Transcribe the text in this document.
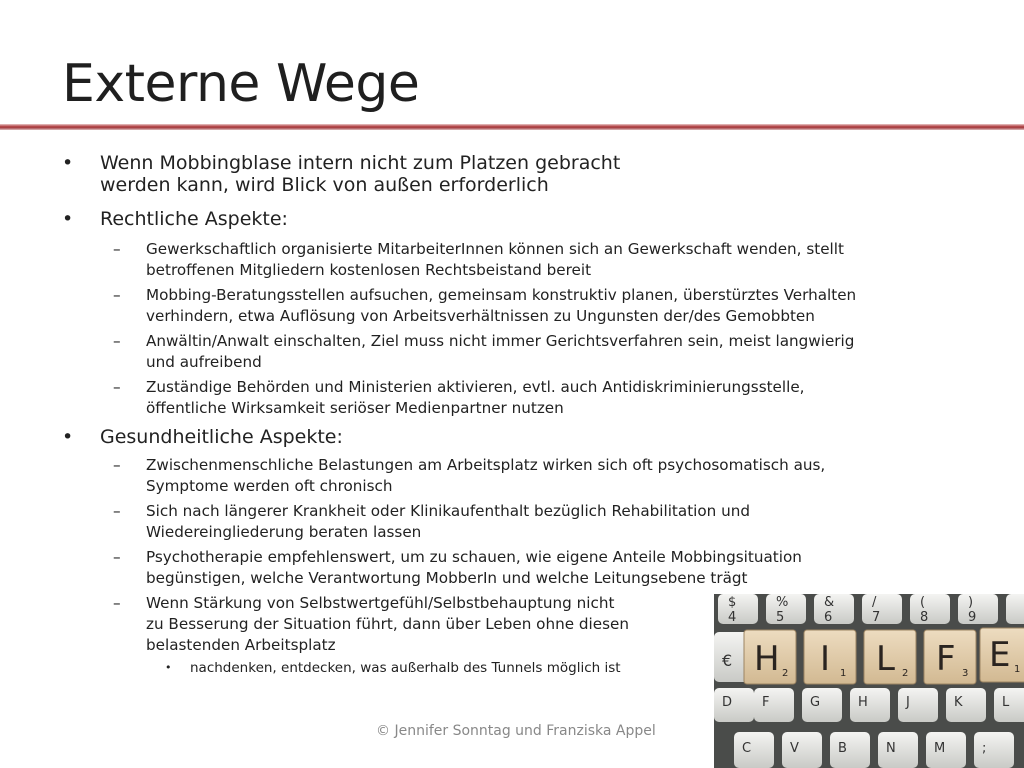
Externe Wege
• Wenn Mobbingblase intern nicht zum Platzen gebracht
werden kann, wird Blick von außen erforderlich
• Rechtliche Aspekte:
– Gewerkschaftlich organisierte MitarbeiterInnen können sich an Gewerkschaft wenden, stellt
betroffenen Mitgliedern kostenlosen Rechtsbeistand bereit
– Mobbing-Beratungsstellen aufsuchen, gemeinsam konstruktiv planen, überstürztes Verhalten
verhindern, etwa Auflösung von Arbeitsverhältnissen zu Ungunsten der/des Gemobbten
– Anwältin/Anwalt einschalten, Ziel muss nicht immer Gerichtsverfahren sein, meist langwierig
und aufreibend
– Zuständige Behörden und Ministerien aktivieren, evtl. auch Antidiskriminierungsstelle,
öffentliche Wirksamkeit seriöser Medienpartner nutzen
• Gesundheitliche Aspekte:
– Zwischenmenschliche Belastungen am Arbeitsplatz wirken sich oft psychosomatisch aus,
Symptome werden oft chronisch
– Sich nach längerer Krankheit oder Klinikaufenthalt bezüglich Rehabilitation und
Wiedereingliederung beraten lassen
– Psychotherapie empfehlenswert, um zu schauen, wie eigene Anteile Mobbingsituation
begünstigen, welche Verantwortung MobberIn und welche Leitungsebene trägt
– Wenn Stärkung von Selbstwertgefühl/Selbstbehauptung nicht
zu Besserung der Situation führt, dann über Leben ohne diesen
belastenden Arbeitsplatz
• nachdenken, entdecken, was außerhalb des Tunnels möglich ist
© Jennifer Sonntag und Franziska Appel
$	%	&	/	(	)
4	5	6	7	8	9
€
D F	G	H	J	K	L
C	V	B	N	M	;
H 2 I 1 L 2 F 3 E 1
